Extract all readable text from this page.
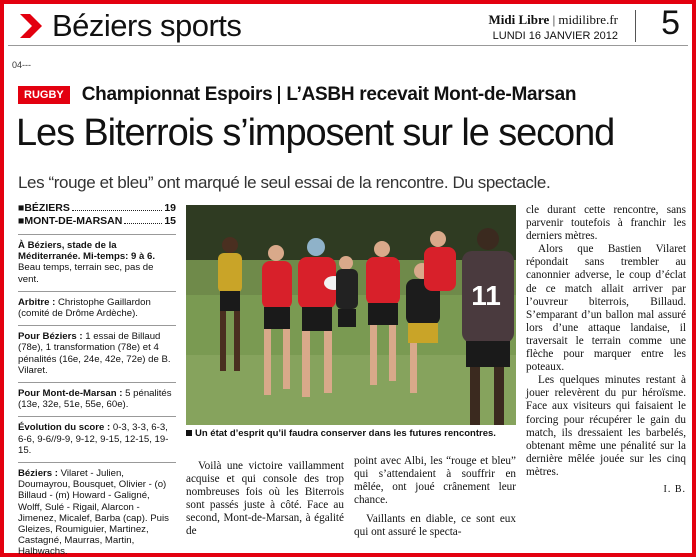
Béziers sports	Midi Libre | midilibre.fr
LUNDI 16 JANVIER 2012 5
04---
RUGBY Championnat Espoirs L’ASBH recevait Mont-de-Marsan
Les Biterrois s’imposent sur le second
Les “rouge et bleu” ont marqué le seul essai de la rencontre. Du spectacle.
■BÉZIERS	19
■MONT-DE-MARSAN	15

À Béziers, stade de la Méditerranée. Mi-temps: 9 à 6. Beau temps, terrain sec, pas de vent.

Arbitre : Christophe Gaillardon (comité de Drôme Ardèche).

Pour Béziers : 1 essai de Billaud (78e), 1 transformation (78e) et 4 pénalités (16e, 24e, 42e, 72e) de B. Vilaret.

Pour Mont-de-Marsan : 5 pénalités (13e, 32e, 51e, 55e, 60e).

Évolution du score : 0-3, 3-3, 6-3, 6-6, 9-6//9-9, 9-12, 9-15, 12-15, 19-15.

Béziers : Vilaret - Julien, Doumayrou, Bousquet, Olivier - (o) Billaud - (m) Howard - Galigné, Wolff, Sulé - Rigail, Alarcon - Jimenez, Micalef, Barba (cap). Puis Gleizes, Roumiguier, Martinez, Castagné, Maurras, Martin, Halbwachs.

11
Un état d’esprit qu’il faudra conserver dans les futures rencontres.

Voilà une victoire vaillamment acquise et qui console des trop nombreuses fois où les Biterrois sont passés juste à côté. Face au second, Mont-de-Marsan, à égalité de

point avec Albi, les “rouge et bleu” qui s’attendaient à souffrir en mêlée, ont joué crânement leur chance.

Vaillants en diable, ce sont eux qui ont assuré le specta-

cle durant cette rencontre, sans parvenir toutefois à franchir les derniers mètres.

Alors que Bastien Vilaret répondait sans trembler au canonnier adverse, le coup d’éclat de ce match allait arriver par l’ouvreur biterrois, Billaud. S’emparant d’un ballon mal assuré lors d’une attaque landaise, il traversait le terrain comme une flèche pour marquer entre les poteaux.

Les quelques minutes restant à jouer relevèrent du pur héroïsme. Face aux visiteurs qui faisaient le forcing pour récupérer le gain du match, ils dressaient les barbelés, obtenant même une pénalité sur la dernière mêlée jouée sur les cinq mètres.

I. B.
